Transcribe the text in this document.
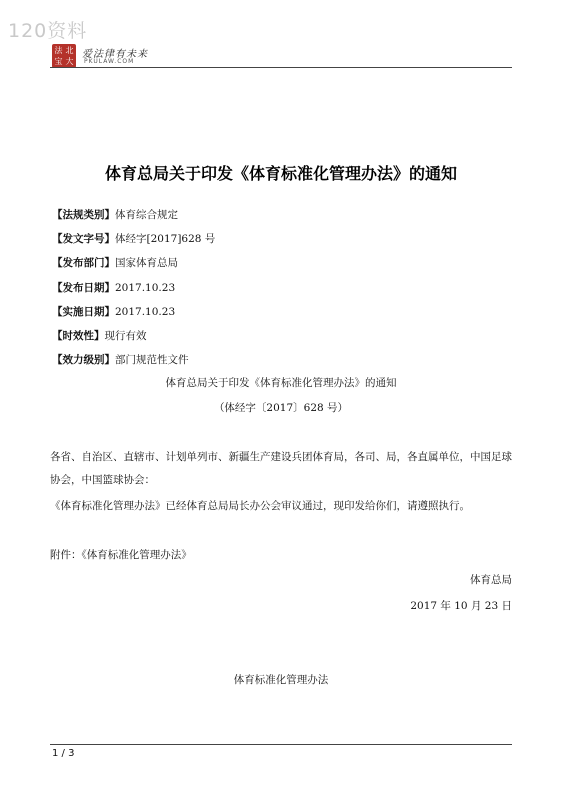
120资料
法 北
宝 大
爱法律有未来
PKULAW.COM
体育总局关于印发《体育标准化管理办法》的通知
【法规类别】体育综合规定
【发文字号】体经字[2017]628 号
【发布部门】国家体育总局
【发布日期】2017.10.23
【实施日期】2017.10.23
【时效性】现行有效
【效力级别】部门规范性文件
体育总局关于印发《体育标准化管理办法》的通知
（体经字〔2017〕628 号）
各省、自治区、直辖市、计划单列市、新疆生产建设兵团体育局，各司、局，各直属单位，中国足球协会，中国篮球协会：
《体育标准化管理办法》已经体育总局局长办公会审议通过，现印发给你们，请遵照执行。
附件：《体育标准化管理办法》
体育总局
2017 年 10 月 23 日
体育标准化管理办法
1 / 3
